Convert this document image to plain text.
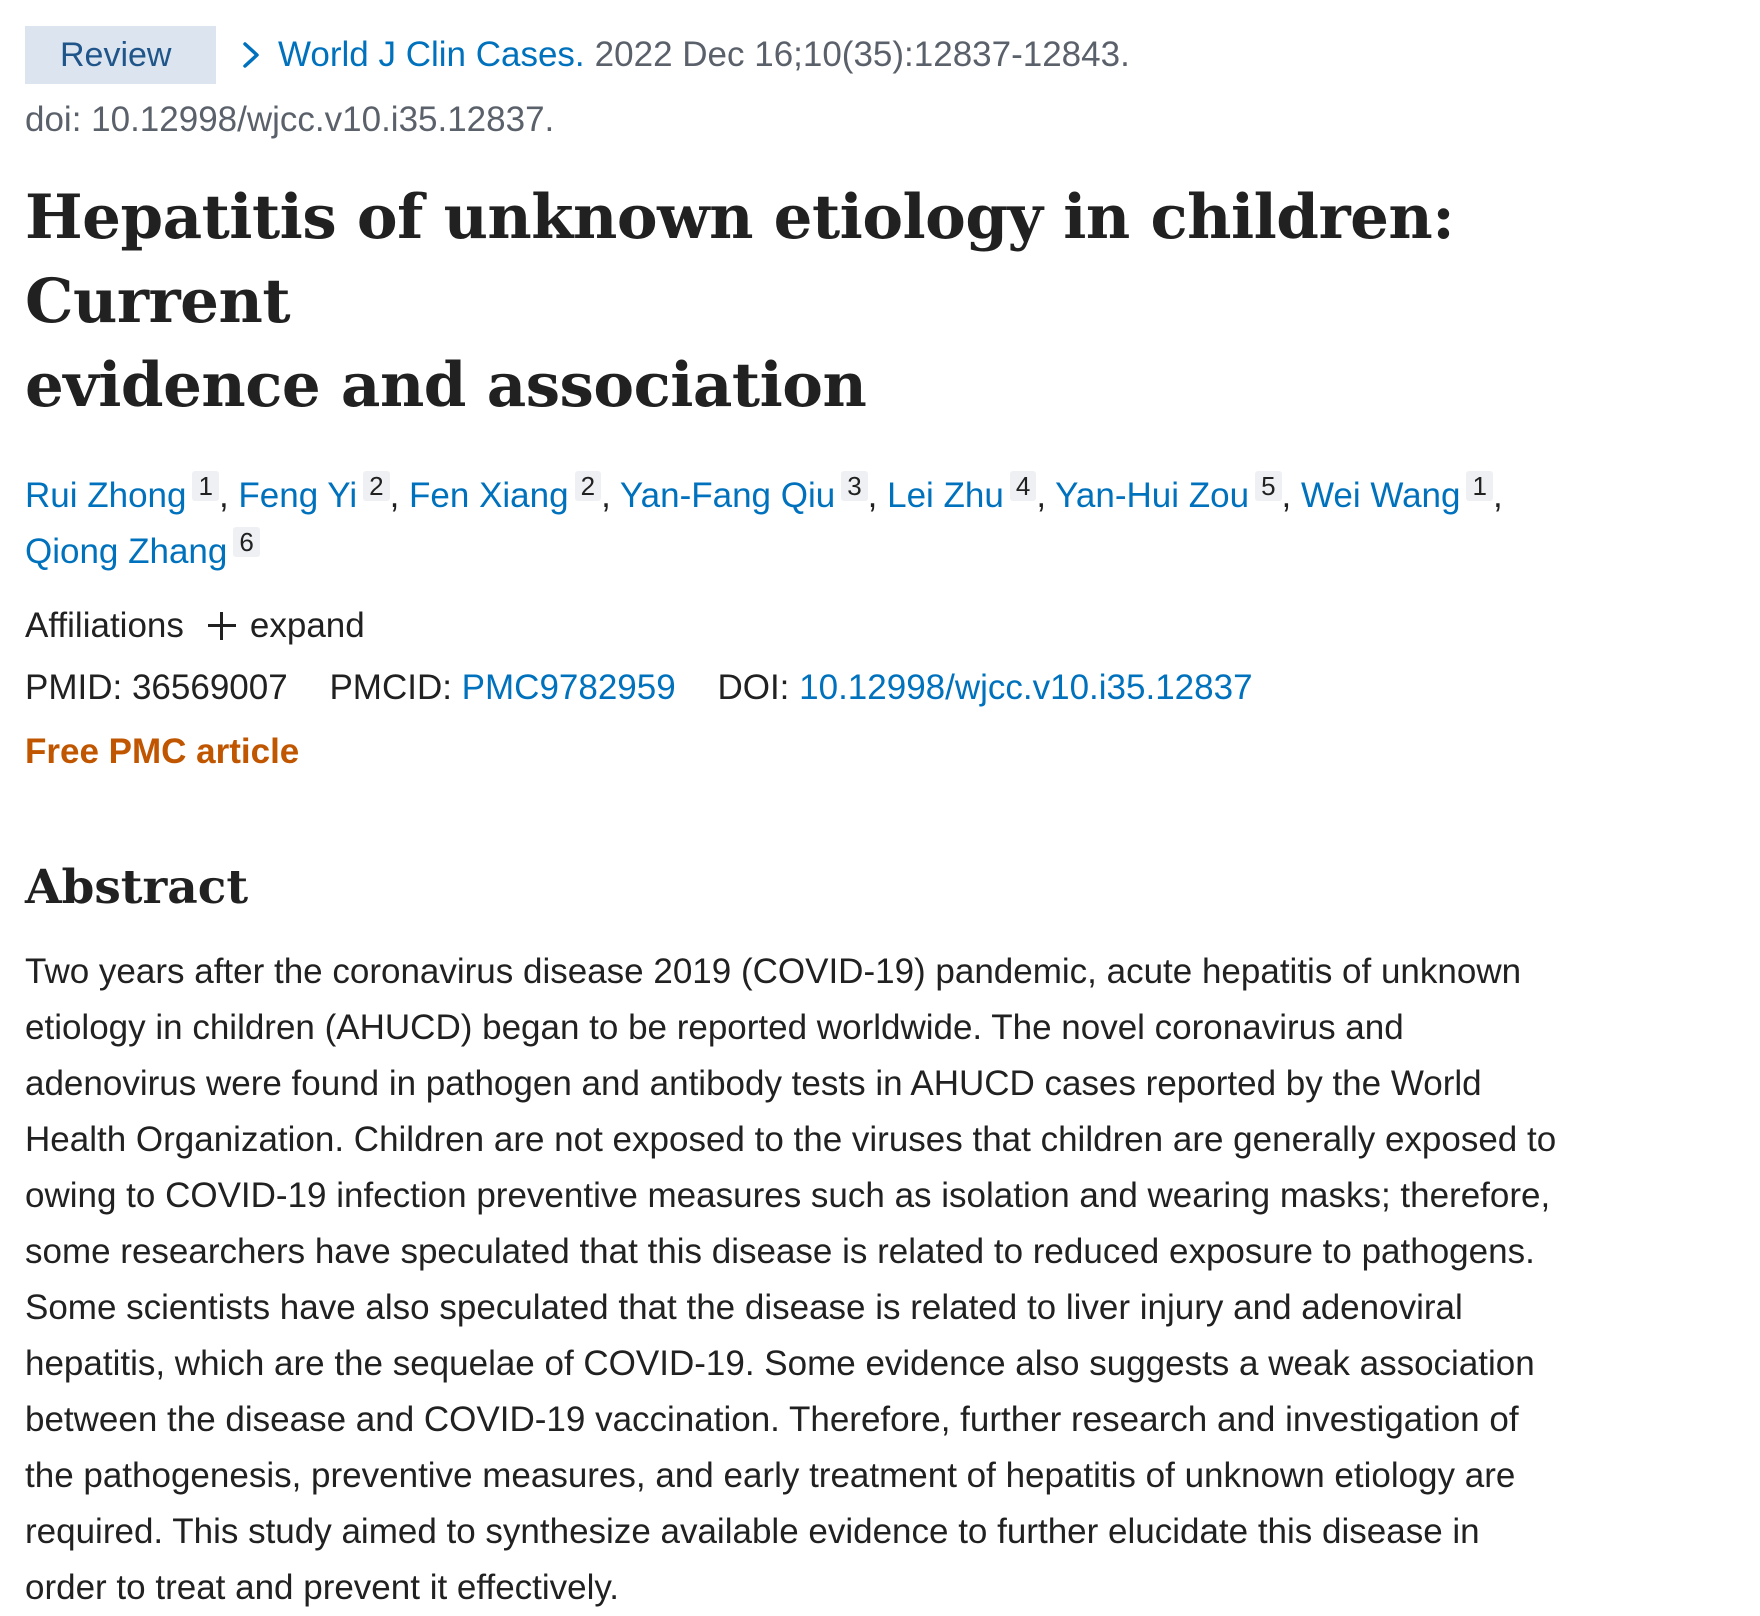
Review	World J Clin Cases. 2022 Dec 16;10(35):12837-12843.
doi: 10.12998/wjcc.v10.i35.12837.
Hepatitis of unknown etiology in children: Current
evidence and association
Rui Zhong 1 , Feng Yi 2 , Fen Xiang 2 , Yan-Fang Qiu 3 , Lei Zhu 4 , Yan-Hui Zou 5 , Wei Wang 1 ,
Qiong Zhang 6
Affiliations expand
PMID: 36569007 PMCID: PMC9782959 DOI: 10.12998/wjcc.v10.i35.12837
Free PMC article
Abstract
Two years after the coronavirus disease 2019 (COVID-19) pandemic, acute hepatitis of unknown
etiology in children (AHUCD) began to be reported worldwide. The novel coronavirus and
adenovirus were found in pathogen and antibody tests in AHUCD cases reported by the World
Health Organization. Children are not exposed to the viruses that children are generally exposed to
owing to COVID-19 infection preventive measures such as isolation and wearing masks; therefore,
some researchers have speculated that this disease is related to reduced exposure to pathogens.
Some scientists have also speculated that the disease is related to liver injury and adenoviral
hepatitis, which are the sequelae of COVID-19. Some evidence also suggests a weak association
between the disease and COVID-19 vaccination. Therefore, further research and investigation of
the pathogenesis, preventive measures, and early treatment of hepatitis of unknown etiology are
required. This study aimed to synthesize available evidence to further elucidate this disease in
order to treat and prevent it effectively.
